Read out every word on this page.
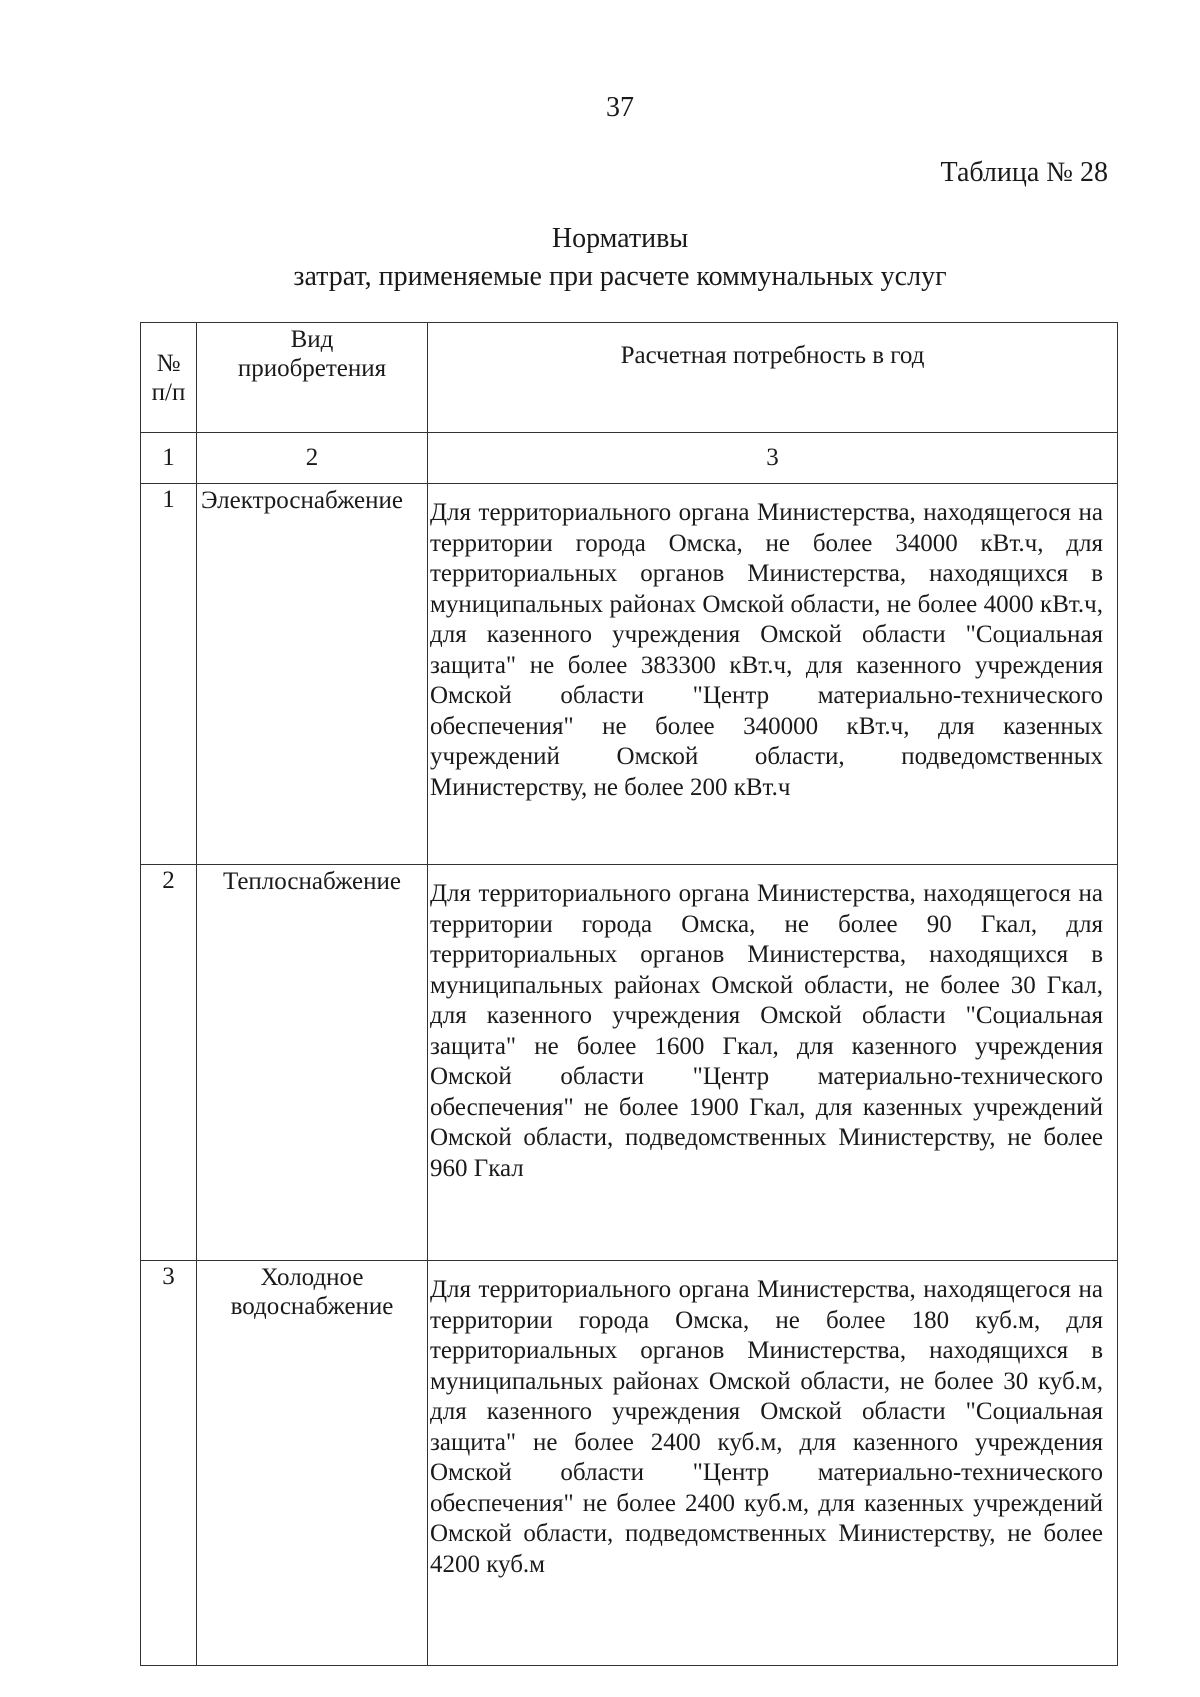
37
Таблица № 28
Нормативы
затрат, применяемые при расчете коммунальных услуг
№ п/п	Вид приобретения	Расчетная потребность в год
1	2	3
1	Электроснабжение	Для территориального органа Министерства, находящегося на территории города Омска, не более 34000 кВт.ч, для территориальных органов Министерства, находящихся в муниципальных районах Омской области, не более 4000 кВт.ч, для казенного учреждения Омской области "Социальная защита" не более 383300 кВт.ч, для казенного учреждения Омской области "Центр материально-технического обеспечения" не более 340000 кВт.ч, для казенных учреждений Омской области, подведомственных Министерству, не более 200 кВт.ч
2	Теплоснабжение	Для территориального органа Министерства, находящегося на территории города Омска, не более 90 Гкал, для территориальных органов Министерства, находящихся в муниципальных районах Омской области, не более 30 Гкал, для казенного учреждения Омской области "Социальная защита" не более 1600 Гкал, для казенного учреждения Омской области "Центр материально-технического обеспечения" не более 1900 Гкал, для казенных учреждений Омской области, подведомственных Министерству, не более 960 Гкал
3	Холодное водоснабжение	Для территориального органа Министерства, находящегося на территории города Омска, не более 180 куб.м, для территориальных органов Министерства, находящихся в муниципальных районах Омской области, не более 30 куб.м, для казенного учреждения Омской области "Социальная защита" не более 2400 куб.м, для казенного учреждения Омской области "Центр материально-технического обеспечения" не более 2400 куб.м, для казенных учреждений Омской области, подведомственных Министерству, не более 4200 куб.м
